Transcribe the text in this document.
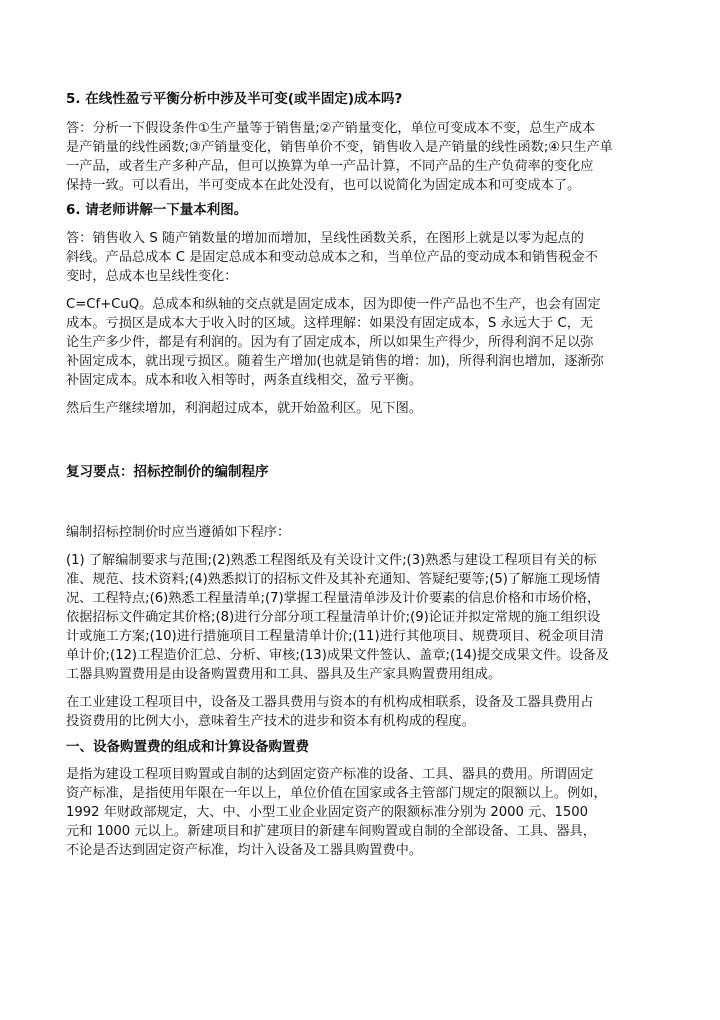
5. 在线性盈亏平衡分析中涉及半可变(或半固定)成本吗?
答：分析一下假设条件①生产量等于销售量;②产销量变化，单位可变成本不变，总生产成本
是产销量的线性函数;③产销量变化，销售单价不变，销售收入是产销量的线性函数;④只生产单
一产品，或者生产多种产品，但可以换算为单一产品计算，不同产品的生产负荷率的变化应
保持一致。可以看出，半可变成本在此处没有，也可以说简化为固定成本和可变成本了。
6. 请老师讲解一下量本利图。
答：销售收入 S 随产销数量的增加而增加，呈线性函数关系，在图形上就是以零为起点的
斜线。产品总成本 C 是固定总成本和变动总成本之和，当单位产品的变动成本和销售税金不
变时，总成本也呈线性变化：
C=Cf+CuQ。总成本和纵轴的交点就是固定成本，因为即使一件产品也不生产，也会有固定
成本。亏损区是成本大于收入时的区域。这样理解：如果没有固定成本，S 永远大于 C，无
论生产多少件，都是有利润的。因为有了固定成本，所以如果生产得少，所得利润不足以弥
补固定成本，就出现亏损区。随着生产增加(也就是销售的增：加)，所得利润也增加，逐渐弥
补固定成本。成本和收入相等时，两条直线相交，盈亏平衡。
然后生产继续增加，利润超过成本，就开始盈利区。见下图。
复习要点：招标控制价的编制程序
编制招标控制价时应当遵循如下程序：
(1) 了解编制要求与范围;(2)熟悉工程图纸及有关设计文件;(3)熟悉与建设工程项目有关的标
准、规范、技术资料;(4)熟悉拟订的招标文件及其补充通知、答疑纪要等;(5)了解施工现场情
况、工程特点;(6)熟悉工程量清单;(7)掌握工程量清单涉及计价要素的信息价格和市场价格，
依据招标文件确定其价格;(8)进行分部分项工程量清单计价;(9)论证并拟定常规的施工组织设
计或施工方案;(10)进行措施项目工程量清单计价;(11)进行其他项目、规费项目、税金项目清
单计价;(12)工程造价汇总、分析、审核;(13)成果文件签认、盖章;(14)提交成果文件。设备及
工器具购置费用是由设备购置费用和工具、器具及生产家具购置费用组成。
在工业建设工程项目中，设备及工器具费用与资本的有机构成相联系，设备及工器具费用占
投资费用的比例大小，意味着生产技术的进步和资本有机构成的程度。
一、设备购置费的组成和计算设备购置费
是指为建设工程项目购置或自制的达到固定资产标准的设备、工具、器具的费用。所谓固定
资产标准，是指使用年限在一年以上，单位价值在国家或各主管部门规定的限额以上。例如，
1992 年财政部规定，大、中、小型工业企业固定资产的限额标准分别为 2000 元、1500
元和 1000 元以上。新建项目和扩建项目的新建车间购置或自制的全部设备、工具、器具，
不论是否达到固定资产标准，均计入设备及工器具购置费中。
